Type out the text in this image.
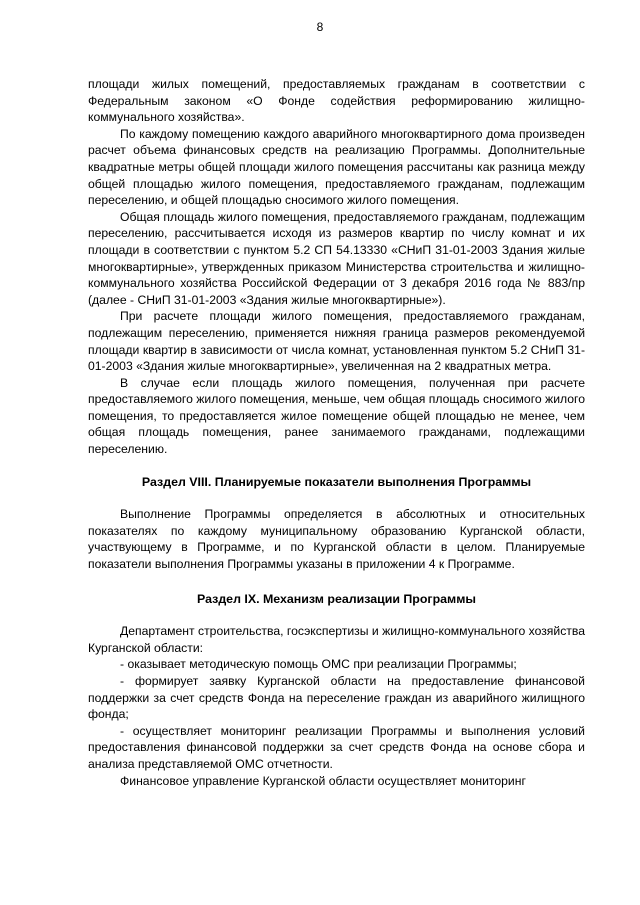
8

площади жилых помещений, предоставляемых гражданам в соответствии с Федеральным законом «О Фонде содействия реформированию жилищно-коммунального хозяйства».

По каждому помещению каждого аварийного многоквартирного дома произведен расчет объема финансовых средств на реализацию Программы. Дополнительные квадратные метры общей площади жилого помещения рассчитаны как разница между общей площадью жилого помещения, предоставляемого гражданам, подлежащим переселению, и общей площадью сносимого жилого помещения.

Общая площадь жилого помещения, предоставляемого гражданам, подлежащим переселению, рассчитывается исходя из размеров квартир по числу комнат и их площади в соответствии с пунктом 5.2 СП 54.13330 «СНиП 31-01-2003 Здания жилые многоквартирные», утвержденных приказом Министерства строительства и жилищно-коммунального хозяйства Российской Федерации от 3 декабря 2016 года № 883/пр (далее - СНиП 31-01-2003 «Здания жилые многоквартирные»).

При расчете площади жилого помещения, предоставляемого гражданам, подлежащим переселению, применяется нижняя граница размеров рекомендуемой площади квартир в зависимости от числа комнат, установленная пунктом 5.2 СНиП 31-01-2003 «Здания жилые многоквартирные», увеличенная на 2 квадратных метра.

В случае если площадь жилого помещения, полученная при расчете предоставляемого жилого помещения, меньше, чем общая площадь сносимого жилого помещения, то предоставляется жилое помещение общей площадью не менее, чем общая площадь помещения, ранее занимаемого гражданами, подлежащими переселению.

Раздел VIII. Планируемые показатели выполнения Программы

Выполнение Программы определяется в абсолютных и относительных показателях по каждому муниципальному образованию Курганской области, участвующему в Программе, и по Курганской области в целом. Планируемые показатели выполнения Программы указаны в приложении 4 к Программе.

Раздел IX. Механизм реализации Программы

Департамент строительства, госэкспертизы и жилищно-коммунального хозяйства Курганской области:

- оказывает методическую помощь ОМС при реализации Программы;

- формирует заявку Курганской области на предоставление финансовой поддержки за счет средств Фонда на переселение граждан из аварийного жилищного фонда;

- осуществляет мониторинг реализации Программы и выполнения условий предоставления финансовой поддержки за счет средств Фонда на основе сбора и анализа представляемой ОМС отчетности.

Финансовое управление Курганской области осуществляет мониторинг
